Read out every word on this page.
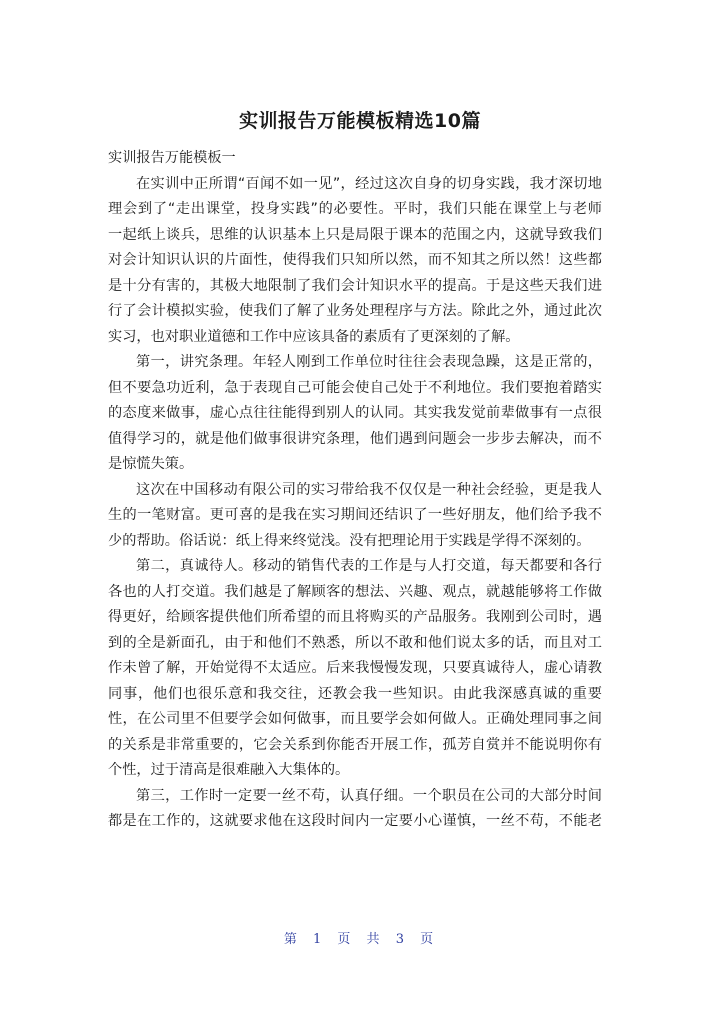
实训报告万能模板精选10篇
实训报告万能模板一
在实训中正所谓“百闻不如一见”，经过这次自身的切身实践，我才深切地
理会到了“走出课堂，投身实践”的必要性。平时，我们只能在课堂上与老师
一起纸上谈兵，思维的认识基本上只是局限于课本的范围之内，这就导致我们
对会计知识认识的片面性，使得我们只知所以然，而不知其之所以然！这些都
是十分有害的，其极大地限制了我们会计知识水平的提高。于是这些天我们进
行了会计模拟实验，使我们了解了业务处理程序与方法。除此之外，通过此次
实习，也对职业道德和工作中应该具备的素质有了更深刻的了解。
第一，讲究条理。年轻人刚到工作单位时往往会表现急躁，这是正常的，
但不要急功近利，急于表现自己可能会使自己处于不利地位。我们要抱着踏实
的态度来做事，虚心点往往能得到别人的认同。其实我发觉前辈做事有一点很
值得学习的，就是他们做事很讲究条理，他们遇到问题会一步步去解决，而不
是惊慌失策。
这次在中国移动有限公司的实习带给我不仅仅是一种社会经验，更是我人
生的一笔财富。更可喜的是我在实习期间还结识了一些好朋友，他们给予我不
少的帮助。俗话说：纸上得来终觉浅。没有把理论用于实践是学得不深刻的。
第二，真诚待人。移动的销售代表的工作是与人打交道，每天都要和各行
各也的人打交道。我们越是了解顾客的想法、兴趣、观点，就越能够将工作做
得更好，给顾客提供他们所希望的而且将购买的产品服务。我刚到公司时，遇
到的全是新面孔，由于和他们不熟悉，所以不敢和他们说太多的话，而且对工
作未曾了解，开始觉得不太适应。后来我慢慢发现，只要真诚待人，虚心请教
同事，他们也很乐意和我交往，还教会我一些知识。由此我深感真诚的重要
性，在公司里不但要学会如何做事，而且要学会如何做人。正确处理同事之间
的关系是非常重要的，它会关系到你能否开展工作，孤芳自赏并不能说明你有
个性，过于清高是很难融入大集体的。
第三，工作时一定要一丝不苟，认真仔细。一个职员在公司的大部分时间
都是在工作的，这就要求他在这段时间内一定要小心谨慎，一丝不苟，不能老
第 1 页 共 3 页
